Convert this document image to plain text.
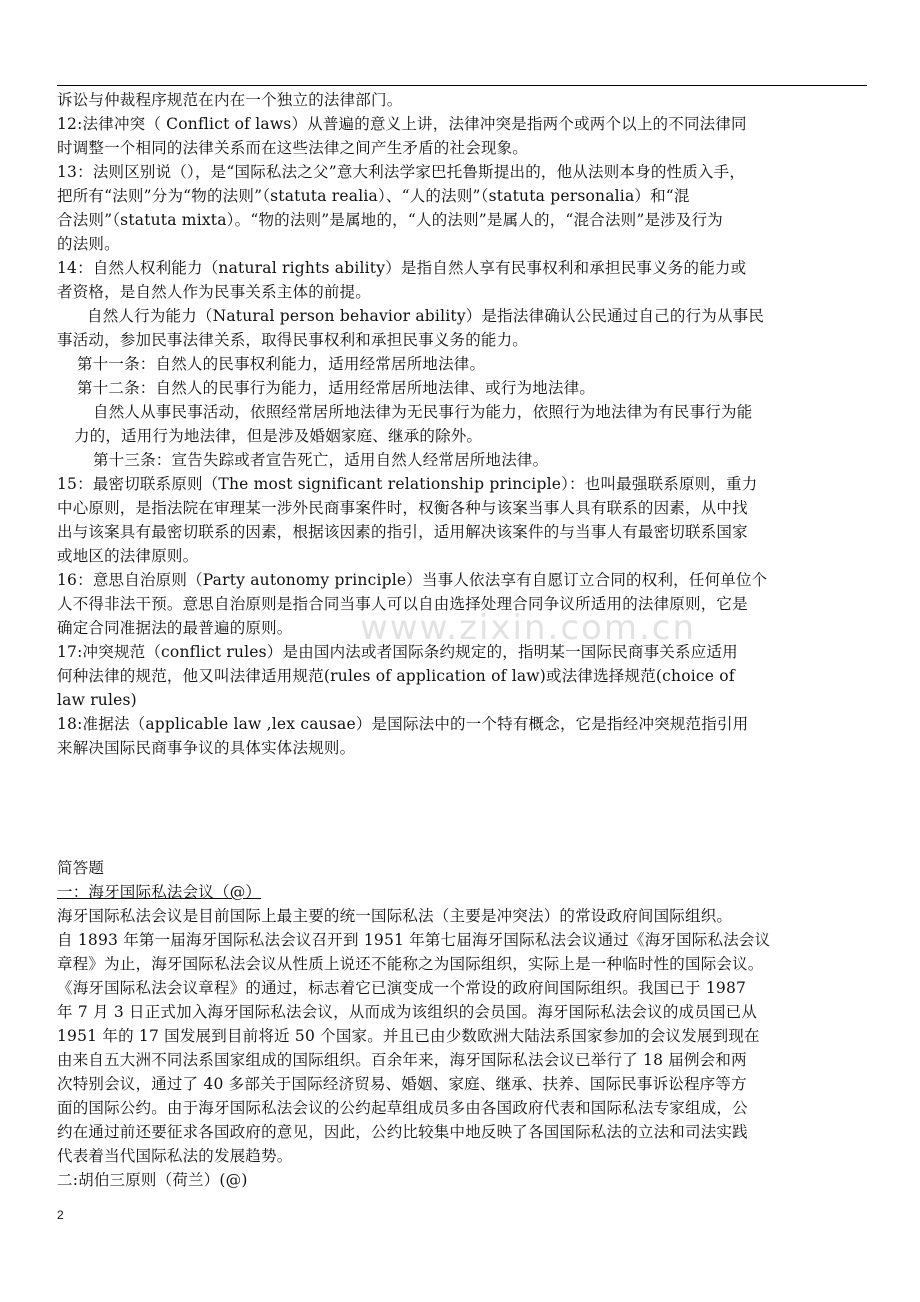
诉讼与仲裁程序规范在内在一个独立的法律部门。
12:法律冲突（ Conflict of laws）从普遍的意义上讲，法律冲突是指两个或两个以上的不同法律同
时调整一个相同的法律关系而在这些法律之间产生矛盾的社会现象。
13：法则区别说（），是“国际私法之父”意大利法学家巴托鲁斯提出的，他从法则本身的性质入手，
把所有“法则”分为“物的法则”（statuta realia）、“人的法则”（statuta personalia）和“混
合法则”（statuta mixta）。“物的法则”是属地的，“人的法则”是属人的，“混合法则”是涉及行为
的法则。
14：自然人权利能力（natural rights ability）是指自然人享有民事权利和承担民事义务的能力或
者资格，是自然人作为民事关系主体的前提。
自然人行为能力（Natural person behavior ability）是指法律确认公民通过自己的行为从事民
事活动，参加民事法律关系，取得民事权利和承担民事义务的能力。
第十一条：自然人的民事权利能力，适用经常居所地法律。
第十二条：自然人的民事行为能力，适用经常居所地法律、或行为地法律。
自然人从事民事活动，依照经常居所地法律为无民事行为能力，依照行为地法律为有民事行为能
力的，适用行为地法律，但是涉及婚姻家庭、继承的除外。
第十三条：宣告失踪或者宣告死亡，适用自然人经常居所地法律。
15：最密切联系原则（The most significant relationship principle）：也叫最强联系原则，重力
中心原则，是指法院在审理某一涉外民商事案件时，权衡各种与该案当事人具有联系的因素，从中找
出与该案具有最密切联系的因素，根据该因素的指引，适用解决该案件的与当事人有最密切联系国家
或地区的法律原则。
16：意思自治原则（Party autonomy principle）当事人依法享有自愿订立合同的权利，任何单位个
人不得非法干预。意思自治原则是指合同当事人可以自由选择处理合同争议所适用的法律原则，它是
确定合同准据法的最普遍的原则。
17:冲突规范（conflict rules）是由国内法或者国际条约规定的，指明某一国际民商事关系应适用
何种法律的规范，他又叫法律适用规范(rules of application of law)或法律选择规范(choice of
law rules)
18:准据法（applicable law ,lex causae）是国际法中的一个特有概念，它是指经冲突规范指引用
来解决国际民商事争议的具体实体法规则。
简答题
一：海牙国际私法会议（@）
海牙国际私法会议是目前国际上最主要的统一国际私法（主要是冲突法）的常设政府间国际组织。
自 1893 年第一届海牙国际私法会议召开到 1951 年第七届海牙国际私法会议通过《海牙国际私法会议
章程》为止，海牙国际私法会议从性质上说还不能称之为国际组织，实际上是一种临时性的国际会议。
《海牙国际私法会议章程》的通过，标志着它已演变成一个常设的政府间国际组织。我国已于 1987
年 7 月 3 日正式加入海牙国际私法会议，从而成为该组织的会员国。海牙国际私法会议的成员国已从
1951 年的 17 国发展到目前将近 50 个国家。并且已由少数欧洲大陆法系国家参加的会议发展到现在
由来自五大洲不同法系国家组成的国际组织。百余年来，海牙国际私法会议已举行了 18 届例会和两
次特别会议，通过了 40 多部关于国际经济贸易、婚姻、家庭、继承、扶养、国际民事诉讼程序等方
面的国际公约。由于海牙国际私法会议的公约起草组成员多由各国政府代表和国际私法专家组成，公
约在通过前还要征求各国政府的意见，因此，公约比较集中地反映了各国国际私法的立法和司法实践
代表着当代国际私法的发展趋势。
二:胡伯三原则（荷兰）(@)
www.zixin.com.cn
2
